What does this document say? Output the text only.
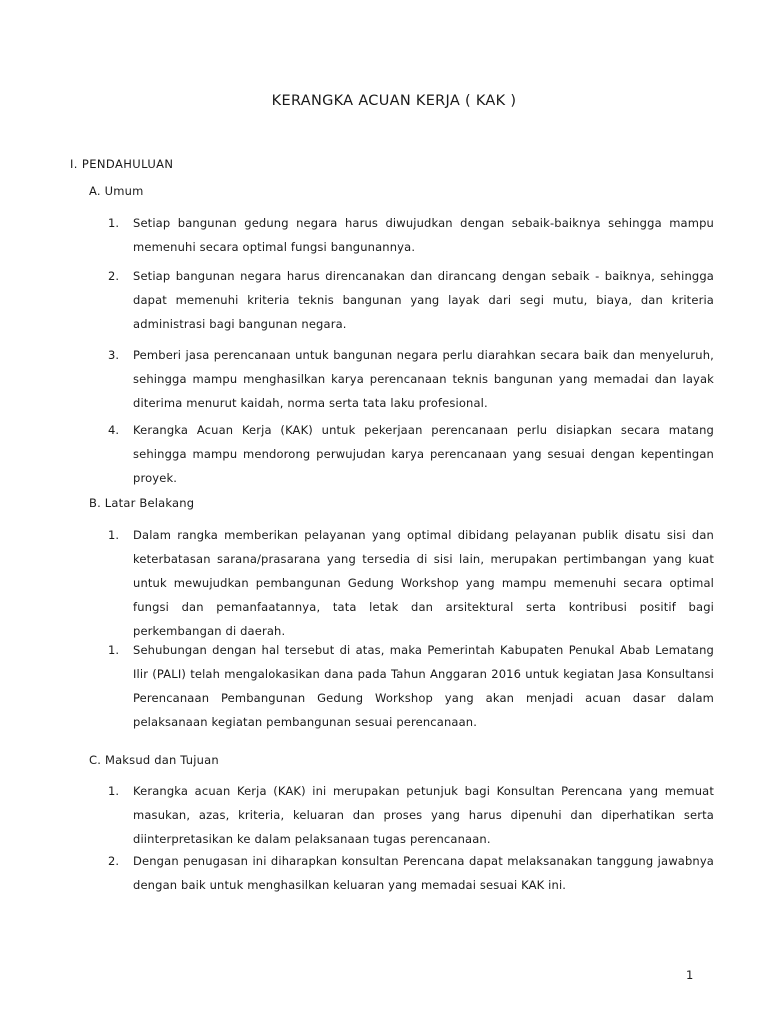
KERANGKA ACUAN KERJA ( KAK )
I. PENDAHULUAN
A. Umum
1. Setiap bangunan gedung negara harus diwujudkan dengan sebaik-baiknya sehingga mampu memenuhi secara optimal fungsi bangunannya.
2. Setiap bangunan negara harus direncanakan dan dirancang dengan sebaik - baiknya, sehingga dapat memenuhi kriteria teknis bangunan yang layak dari segi mutu, biaya, dan kriteria administrasi bagi bangunan negara.
3. Pemberi jasa perencanaan untuk bangunan negara perlu diarahkan secara baik dan menyeluruh, sehingga mampu menghasilkan karya perencanaan teknis bangunan yang memadai dan layak diterima menurut kaidah, norma serta tata laku profesional.
4. Kerangka Acuan Kerja (KAK) untuk pekerjaan perencanaan perlu disiapkan secara matang sehingga mampu mendorong perwujudan karya perencanaan yang sesuai dengan kepentingan proyek.
B. Latar Belakang
1. Dalam rangka memberikan pelayanan yang optimal dibidang pelayanan publik disatu sisi dan keterbatasan sarana/prasarana yang tersedia di sisi lain, merupakan pertimbangan yang kuat untuk mewujudkan pembangunan Gedung Workshop yang mampu memenuhi secara optimal fungsi dan pemanfaatannya, tata letak dan arsitektural serta kontribusi positif bagi perkembangan di daerah.
1. Sehubungan dengan hal tersebut di atas, maka Pemerintah Kabupaten Penukal Abab Lematang Ilir (PALI) telah mengalokasikan dana pada Tahun Anggaran 2016 untuk kegiatan Jasa Konsultansi Perencanaan Pembangunan Gedung Workshop yang akan menjadi acuan dasar dalam pelaksanaan kegiatan pembangunan sesuai perencanaan.
C. Maksud dan Tujuan
1. Kerangka acuan Kerja (KAK) ini merupakan petunjuk bagi Konsultan Perencana yang memuat masukan, azas, kriteria, keluaran dan proses yang harus dipenuhi dan diperhatikan serta diinterpretasikan ke dalam pelaksanaan tugas perencanaan.
2. Dengan penugasan ini diharapkan konsultan Perencana dapat melaksanakan tanggung jawabnya dengan baik untuk menghasilkan keluaran yang memadai sesuai KAK ini.
1
